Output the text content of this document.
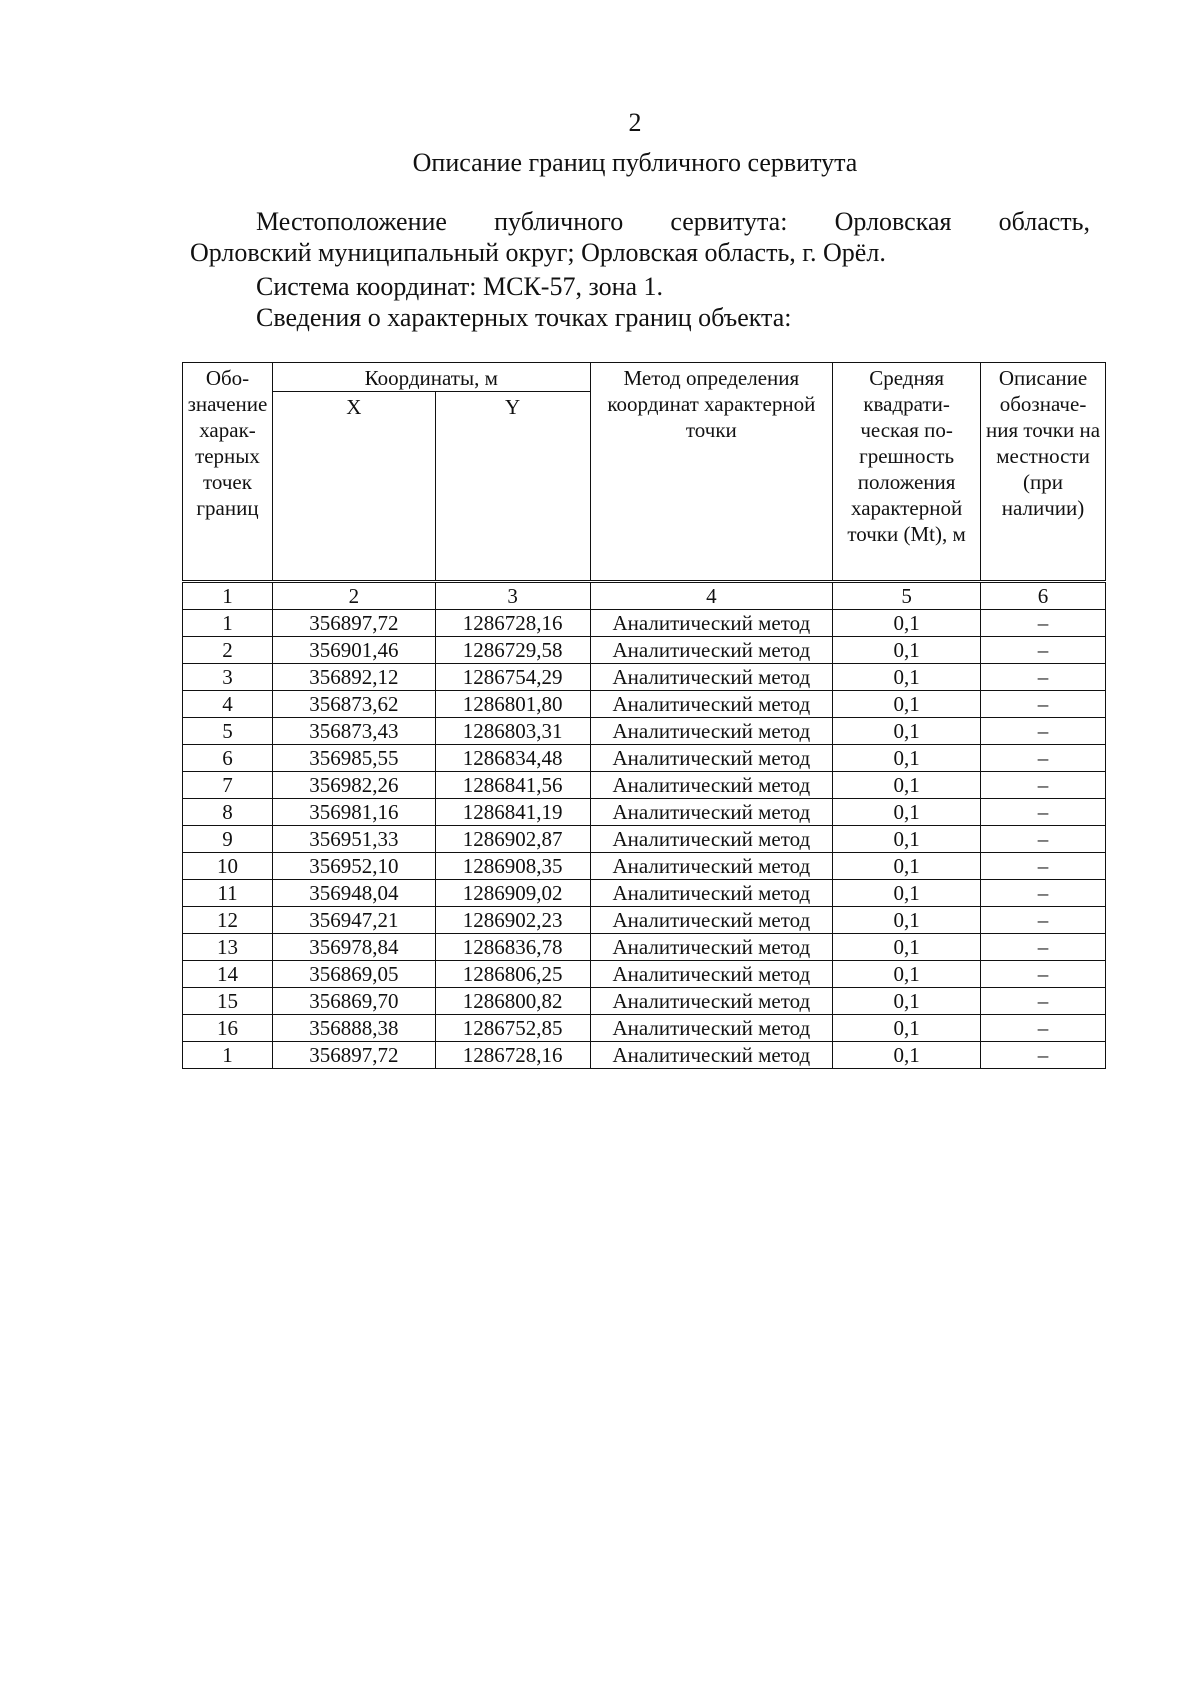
2
Описание границ публичного сервитута
Местоположение публичного сервитута: Орловская область,
Орловский муниципальный округ; Орловская область, г. Орёл.
Система координат: МСК-57, зона 1.
Сведения о характерных точках границ объекта:
Обо-значение харак-терных точек границ	Координаты, м		Метод определения координат характерной точки	Средняя квадрати-ческая по-грешность положения характерной точки (Mt), м	Описание обозначе-ния точки на местности (при наличии)
	X	Y			
1	2	3	4	5	6
1	356897,72	1286728,16	Аналитический метод	0,1	–
2	356901,46	1286729,58	Аналитический метод	0,1	–
3	356892,12	1286754,29	Аналитический метод	0,1	–
4	356873,62	1286801,80	Аналитический метод	0,1	–
5	356873,43	1286803,31	Аналитический метод	0,1	–
6	356985,55	1286834,48	Аналитический метод	0,1	–
7	356982,26	1286841,56	Аналитический метод	0,1	–
8	356981,16	1286841,19	Аналитический метод	0,1	–
9	356951,33	1286902,87	Аналитический метод	0,1	–
10	356952,10	1286908,35	Аналитический метод	0,1	–
11	356948,04	1286909,02	Аналитический метод	0,1	–
12	356947,21	1286902,23	Аналитический метод	0,1	–
13	356978,84	1286836,78	Аналитический метод	0,1	–
14	356869,05	1286806,25	Аналитический метод	0,1	–
15	356869,70	1286800,82	Аналитический метод	0,1	–
16	356888,38	1286752,85	Аналитический метод	0,1	–
1	356897,72	1286728,16	Аналитический метод	0,1	–
